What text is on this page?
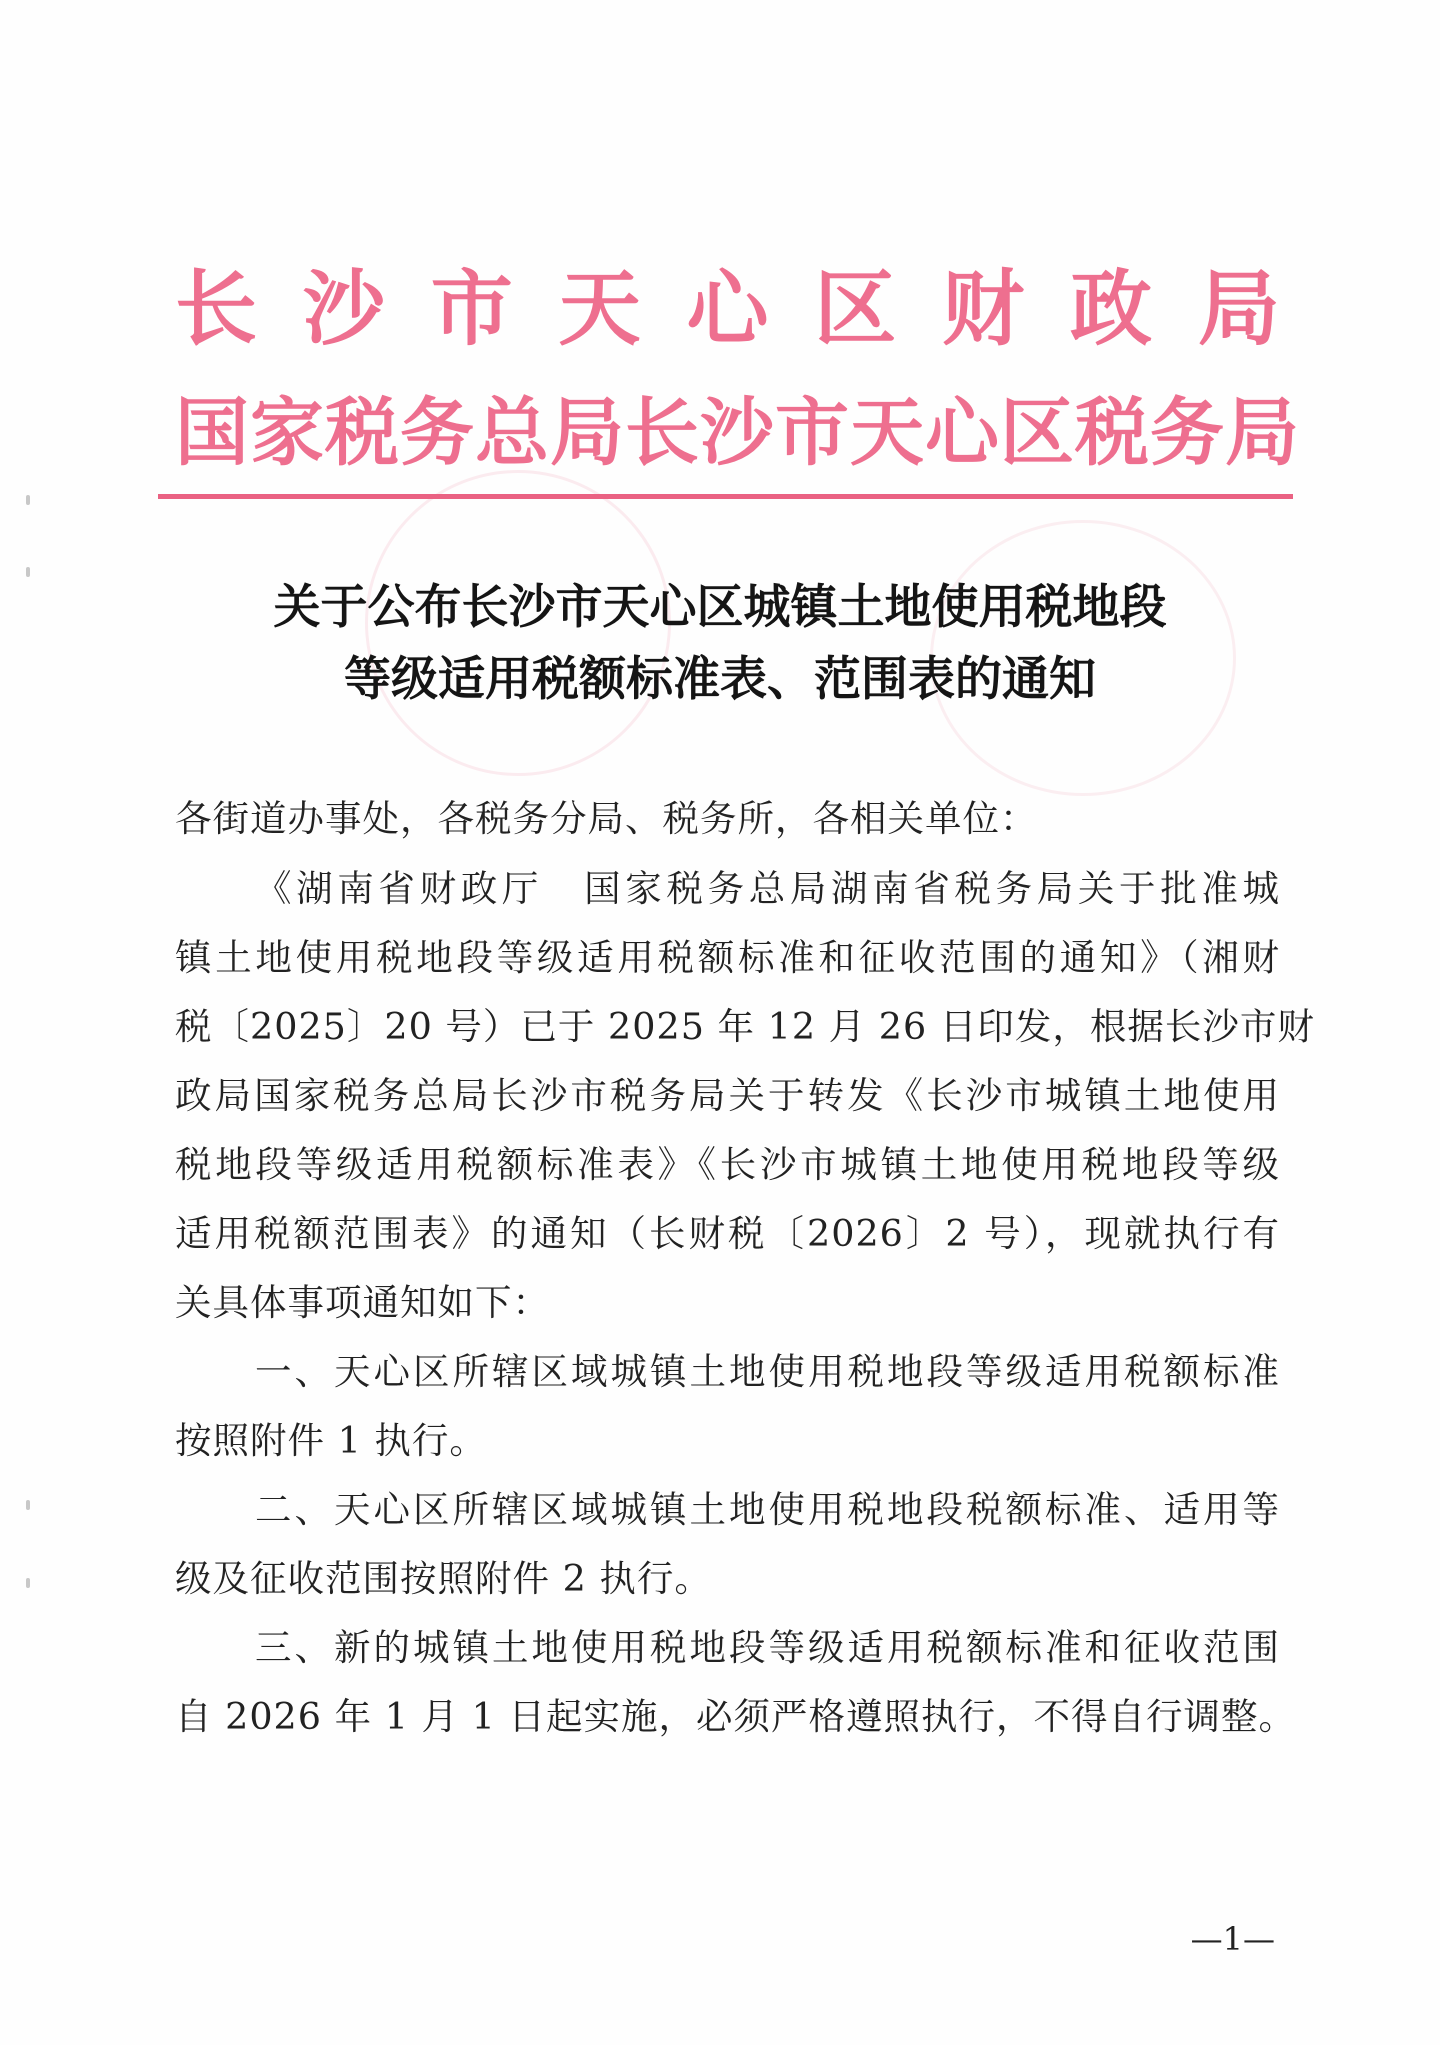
长 沙 市 天 心 区 财 政 局
国家税务总局长沙市天心区税务局
关于公布长沙市天心区城镇土地使用税地段
等级适用税额标准表、范围表的通知
各街道办事处，各税务分局、税务所，各相关单位：
《湖南省财政厅　国家税务总局湖南省税务局关于批准城
镇土地使用税地段等级适用税额标准和征收范围的通知》（湘财
税〔2025〕20 号）已于 2025 年 12 月 26 日印发，根据长沙市财
政局国家税务总局长沙市税务局关于转发《长沙市城镇土地使用
税地段等级适用税额标准表》《长沙市城镇土地使用税地段等级
适用税额范围表》的通知（长财税〔2026〕2 号），现就执行有
关具体事项通知如下：
一、天心区所辖区域城镇土地使用税地段等级适用税额标准
按照附件 1 执行。
二、天心区所辖区域城镇土地使用税地段税额标准、适用等
级及征收范围按照附件 2 执行。
三、新的城镇土地使用税地段等级适用税额标准和征收范围
自 2026 年 1 月 1 日起实施，必须严格遵照执行，不得自行调整。
—1—
